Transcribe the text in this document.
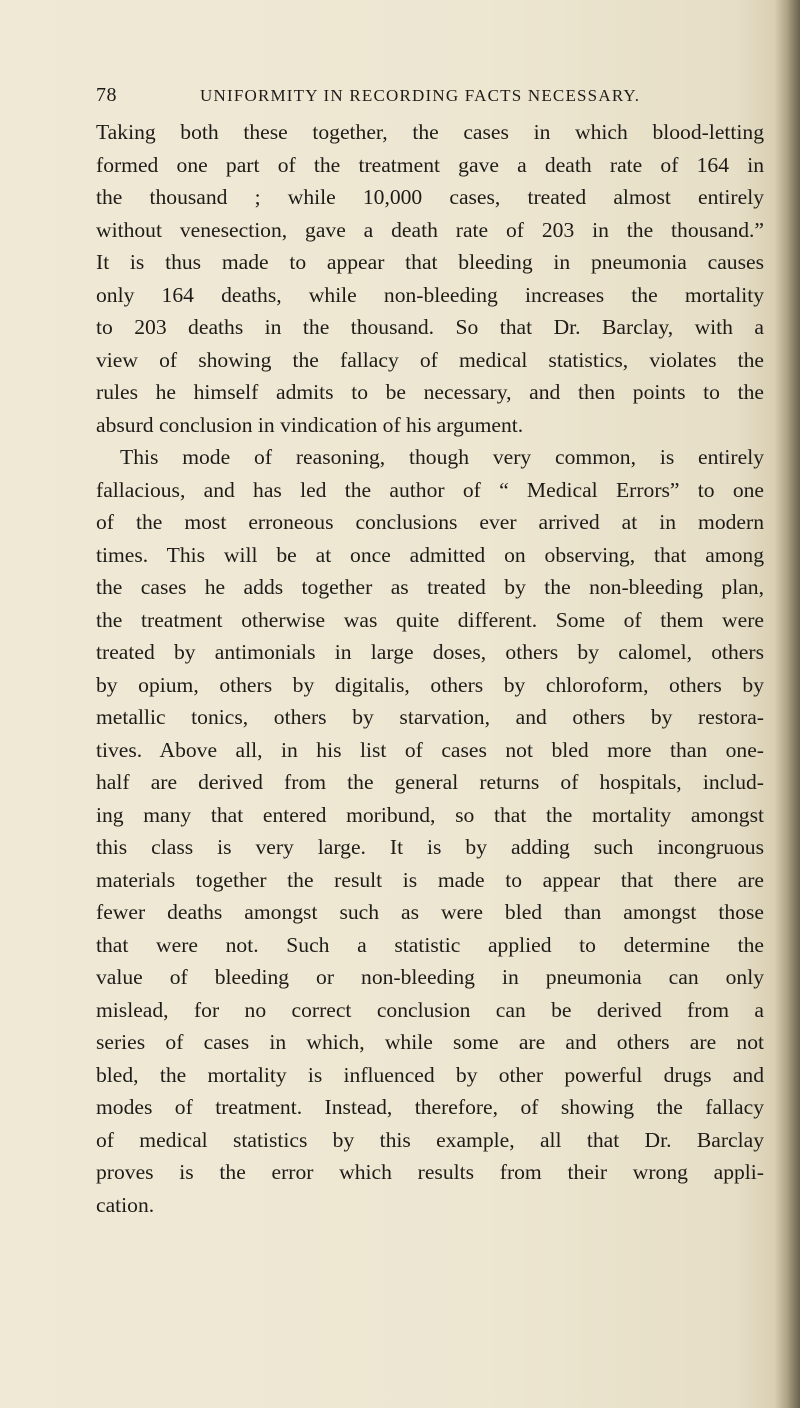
78	UNIFORMITY IN RECORDING FACTS NECESSARY.
Taking both these together, the cases in which blood-letting
formed one part of the treatment gave a death rate of 164 in
the thousand ; while 10,000 cases, treated almost entirely
without venesection, gave a death rate of 203 in the thousand.”
It is thus made to appear that bleeding in pneumonia causes
only 164 deaths, while non-bleeding increases the mortality
to 203 deaths in the thousand. So that Dr. Barclay, with a
view of showing the fallacy of medical statistics, violates the
rules he himself admits to be necessary, and then points to the
absurd conclusion in vindication of his argument.
This mode of reasoning, though very common, is entirely
fallacious, and has led the author of “ Medical Errors” to one
of the most erroneous conclusions ever arrived at in modern
times. This will be at once admitted on observing, that among
the cases he adds together as treated by the non-bleeding plan,
the treatment otherwise was quite different. Some of them were
treated by antimonials in large doses, others by calomel, others
by opium, others by digitalis, others by chloroform, others by
metallic tonics, others by starvation, and others by restora-
tives. Above all, in his list of cases not bled more than one-
half are derived from the general returns of hospitals, includ-
ing many that entered moribund, so that the mortality amongst
this class is very large. It is by adding such incongruous
materials together the result is made to appear that there are
fewer deaths amongst such as were bled than amongst those
that were not. Such a statistic applied to determine the
value of bleeding or non-bleeding in pneumonia can only
mislead, for no correct conclusion can be derived from a
series of cases in which, while some are and others are not
bled, the mortality is influenced by other powerful drugs and
modes of treatment. Instead, therefore, of showing the fallacy
of medical statistics by this example, all that Dr. Barclay
proves is the error which results from their wrong appli-
cation.
